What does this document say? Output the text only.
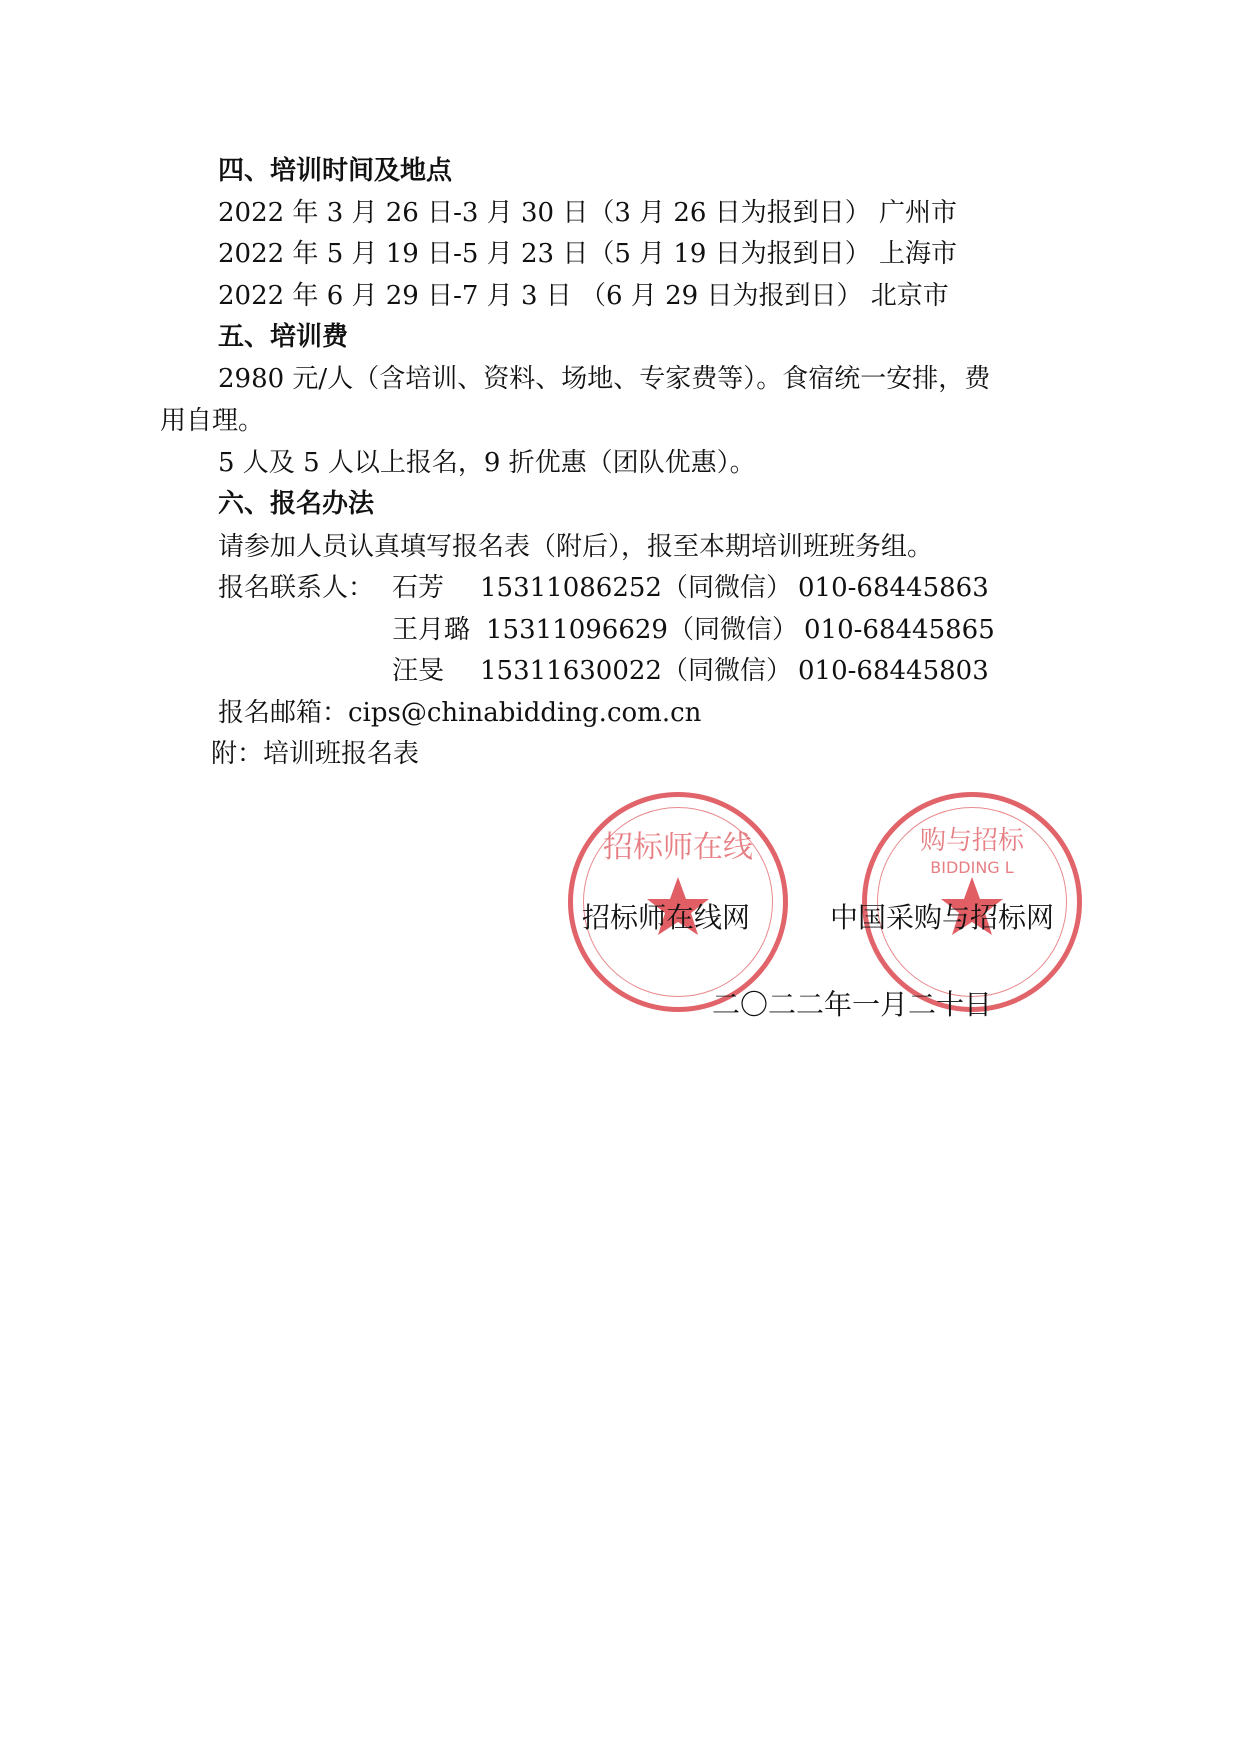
四、培训时间及地点
2022 年 3 月 26 日-3 月 30 日（3 月 26 日为报到日） 广州市
2022 年 5 月 19 日-5 月 23 日（5 月 19 日为报到日） 上海市
2022 年 6 月 29 日-7 月 3 日 （6 月 29 日为报到日） 北京市
五、培训费
2980 元/人（含培训、资料、场地、专家费等）。食宿统一安排，费
用自理。
5 人及 5 人以上报名，9 折优惠（团队优惠）。
六、报名办法
请参加人员认真填写报名表（附后），报至本期培训班班务组。

报名联系人：

石芳

15311086252（同微信）

010-68445863

王月璐

15311096629（同微信）

010-68445865

汪旻

15311630022（同微信）

010-68445803

报名邮箱：cips@chinabidding.com.cn
附：培训班报名表
招标师在线	购与招标
BIDDING L
招标师在线网	中国采购与招标网
二〇二二年一月二十日
